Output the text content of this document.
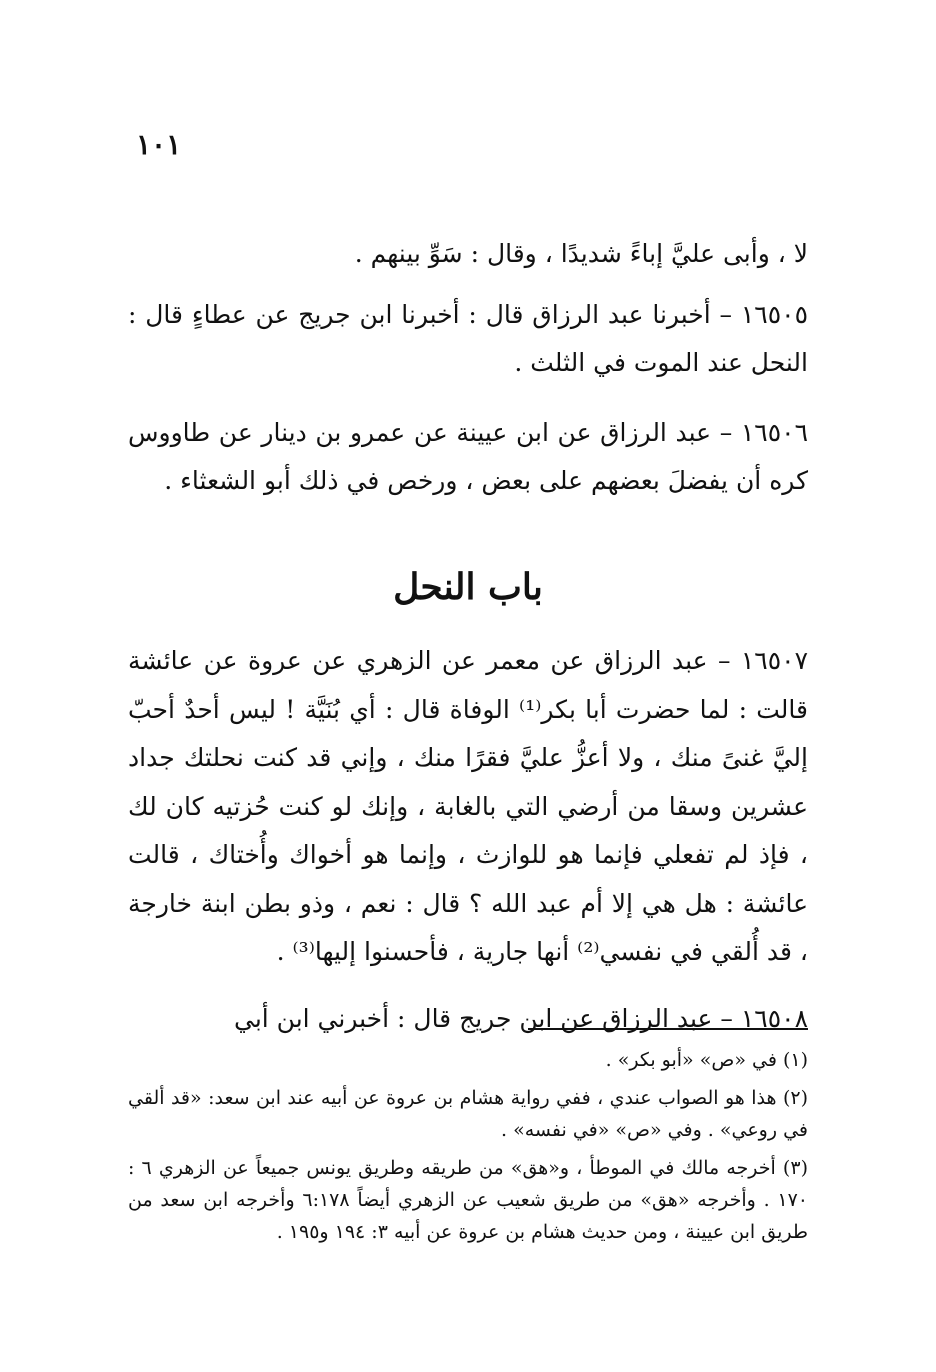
١٠١

لا ، وأبى عليَّ إباءً شديدًا ، وقال : سَوِّ بينهم .

١٦٥٠٥ – أخبرنا عبد الرزاق قال : أخبرنا ابن جريج عن عطاءٍ قال : النحل عند الموت في الثلث .

١٦٥٠٦ – عبد الرزاق عن ابن عيينة عن عمرو بن دينار عن طاووس كره أن يفضلَ بعضهم على بعض ، ورخص في ذلك أبو الشعثاء .

باب النحل

١٦٥٠٧ – عبد الرزاق عن معمر عن الزهري عن عروة عن عائشة قالت : لما حضرت أبا بكر⁽¹⁾ الوفاة قال : أي بُنَيَّة ! ليس أحدٌ أحبّ إليَّ غنىً منك ، ولا أعزُّ عليَّ فقرًا منك ، وإني قد كنت نحلتك جداد عشرين وسقا من أرضي التي بالغابة ، وإنك لو كنت حُزتيه كان لك ، فإذ لم تفعلي فإنما هو للوازث ، وإنما هو أخواك وأُختاك ، قالت عائشة : هل هي إلا أم عبد الله ؟ قال : نعم ، وذو بطن ابنة خارجة ، قد أُلقي في نفسي⁽²⁾ أنها جارية ، فأحسنوا إليها⁽³⁾ .

١٦٥٠٨ – عبد الرزاق عن ابن جريج قال : أخبرني ابن أبي

(١) في «ص» «أبو بكر» .

(٢) هذا هو الصواب عندي ، ففي رواية هشام بن عروة عن أبيه عند ابن سعد: «قد ألقي في روعي» . وفي «ص» «في نفسه» .

(٣) أخرجه مالك في الموطأ ، و«هق» من طريقه وطريق يونس جميعاً عن الزهري ٦ : ١٧٠ . وأخرجه «هق» من طريق شعيب عن الزهري أيضاً ٦:١٧٨ وأخرجه ابن سعد من طريق ابن عيينة ، ومن حديث هشام بن عروة عن أبيه ٣: ١٩٤ و١٩٥ .
